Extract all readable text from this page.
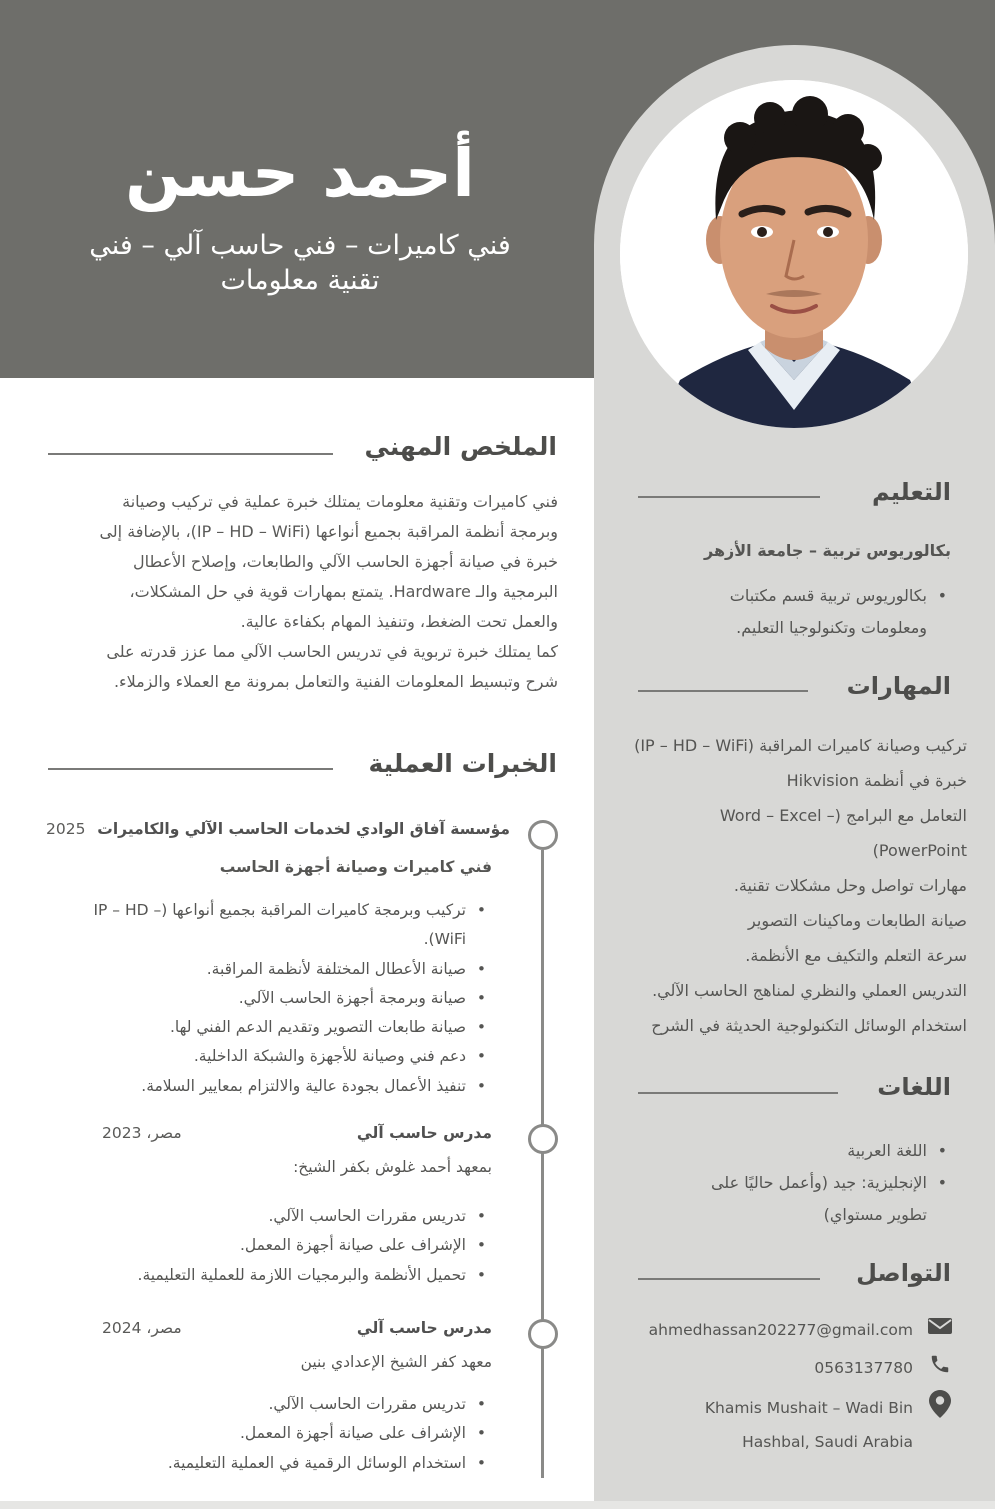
أحمد حسن
فني كاميرات – فني حاسب آلي – فني
تقنية معلومات
الملخص المهني

فني كاميرات وتقنية معلومات يمتلك خبرة عملية في تركيب وصيانة

وبرمجة أنظمة المراقبة بجميع أنواعها (IP – HD – WiFi)، بالإضافة إلى

خبرة في صيانة أجهزة الحاسب الآلي والطابعات، وإصلاح الأعطال

البرمجية والـ Hardware. يتمتع بمهارات قوية في حل المشكلات،

والعمل تحت الضغط، وتنفيذ المهام بكفاءة عالية.

كما يمتلك خبرة تربوية في تدريس الحاسب الآلي مما عزز قدرته على

شرح وتبسيط المعلومات الفنية والتعامل بمرونة مع العملاء والزملاء.

الخبرات العملية
مؤسسة آفاق الوادي لخدمات الحاسب الآلي والكاميرات
2025
فني كاميرات وصيانة أجهزة الحاسب
• تركيب وبرمجة كاميرات المراقبة بجميع أنواعها (– IP – HD
WiFi).
• صيانة الأعطال المختلفة لأنظمة المراقبة.
• صيانة وبرمجة أجهزة الحاسب الآلي.
• صيانة طابعات التصوير وتقديم الدعم الفني لها.
• دعم فني وصيانة للأجهزة والشبكة الداخلية.
• تنفيذ الأعمال بجودة عالية والالتزام بمعايير السلامة.
مدرس حاسب آلي
مصر، 2023
بمعهد أحمد غلوش بكفر الشيخ:
• تدريس مقررات الحاسب الآلي.
• الإشراف على صيانة أجهزة المعمل.
• تحميل الأنظمة والبرمجيات اللازمة للعملية التعليمية.
مدرس حاسب آلي
مصر، 2024
معهد كفر الشيخ الإعدادي بنين
• تدريس مقررات الحاسب الآلي.
• الإشراف على صيانة أجهزة المعمل.
• استخدام الوسائل الرقمية في العملية التعليمية.
التعليم
بكالوريوس تربية – جامعة الأزهر
• بكالوريوس تربية قسم مكتبات
ومعلومات وتكنولوجيا التعليم.
المهارات
تركيب وصيانة كاميرات المراقبة (IP – HD – WiFi)
خبرة في أنظمة Hikvision
التعامل مع البرامج (– Word – Excel
PowerPoint)
مهارات تواصل وحل مشكلات تقنية.
صيانة الطابعات وماكينات التصوير
سرعة التعلم والتكيف مع الأنظمة.
التدريس العملي والنظري لمناهج الحاسب الآلي.
استخدام الوسائل التكنولوجية الحديثة في الشرح
اللغات
• اللغة العربية
• الإنجليزية: جيد (وأعمل حاليًا على تطوير مستواي)
التواصل
ahmedhassan202277@gmail.com
0563137780
Khamis Mushait – Wadi Bin
Hashbal, Saudi Arabia
